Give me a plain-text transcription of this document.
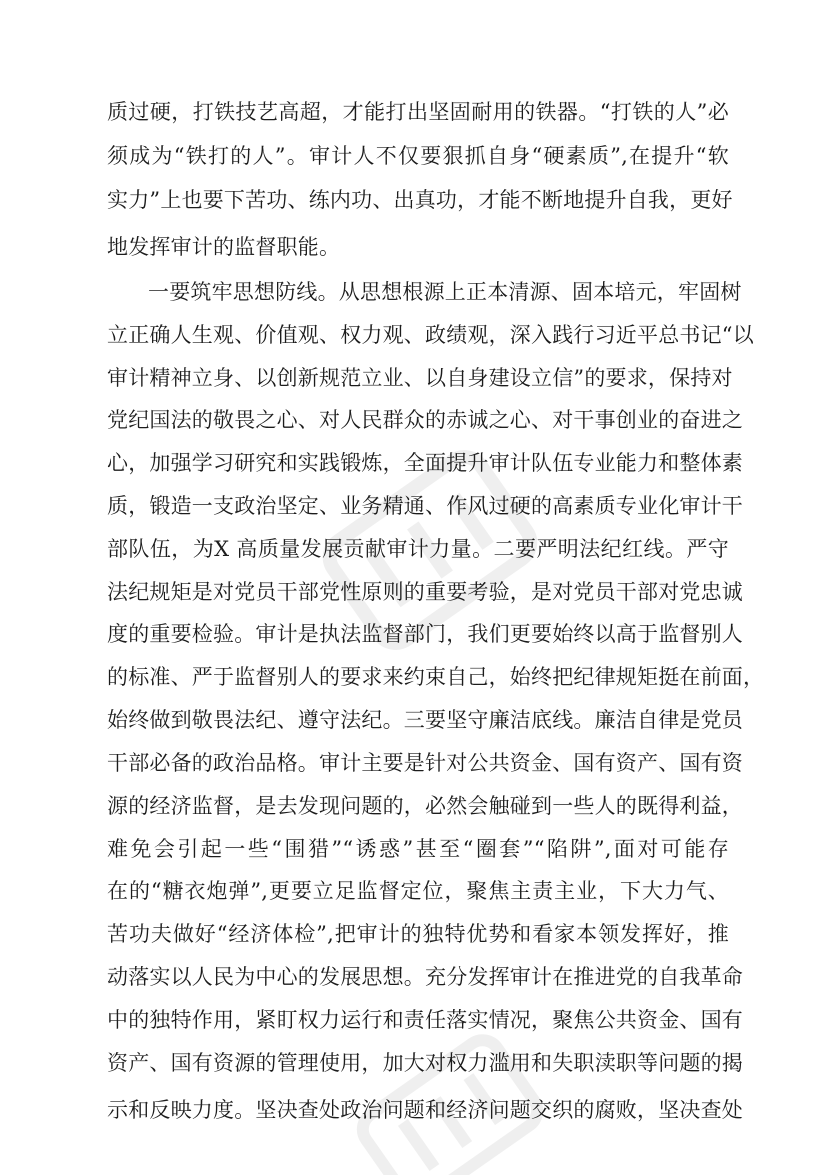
质过硬，打铁技艺高超，才能打出坚固耐用的铁器。“打铁的人”必
须成为“铁打的人”。审计人不仅要狠抓自身“硬素质”,在提升“软
实力”上也要下苦功、练内功、出真功，才能不断地提升自我，更好
地发挥审计的监督职能。
一要筑牢思想防线。从思想根源上正本清源、固本培元，牢固树
立正确人生观、价值观、权力观、政绩观，深入践行习近平总书记“以
审计精神立身、以创新规范立业、以自身建设立信”的要求，保持对
党纪国法的敬畏之心、对人民群众的赤诚之心、对干事创业的奋进之
心，加强学习研究和实践锻炼，全面提升审计队伍专业能力和整体素
质，锻造一支政治坚定、业务精通、作风过硬的高素质专业化审计干
部队伍，为X 高质量发展贡献审计力量。二要严明法纪红线。严守
法纪规矩是对党员干部党性原则的重要考验，是对党员干部对党忠诚
度的重要检验。审计是执法监督部门，我们更要始终以高于监督别人
的标准、严于监督别人的要求来约束自己，始终把纪律规矩挺在前面，
始终做到敬畏法纪、遵守法纪。三要坚守廉洁底线。廉洁自律是党员
干部必备的政治品格。审计主要是针对公共资金、国有资产、国有资
源的经济监督，是去发现问题的，必然会触碰到一些人的既得利益，
难免会引起一些“围猎”“诱惑”甚至“圈套”“陷阱”,面对可能存
在的“糖衣炮弹”,更要立足监督定位，聚焦主责主业，下大力气、
苦功夫做好“经济体检”,把审计的独特优势和看家本领发挥好，推
动落实以人民为中心的发展思想。充分发挥审计在推进党的自我革命
中的独特作用，紧盯权力运行和责任落实情况，聚焦公共资金、国有
资产、国有资源的管理使用，加大对权力滥用和失职渎职等问题的揭
示和反映力度。坚决查处政治问题和经济问题交织的腐败，坚决查处
